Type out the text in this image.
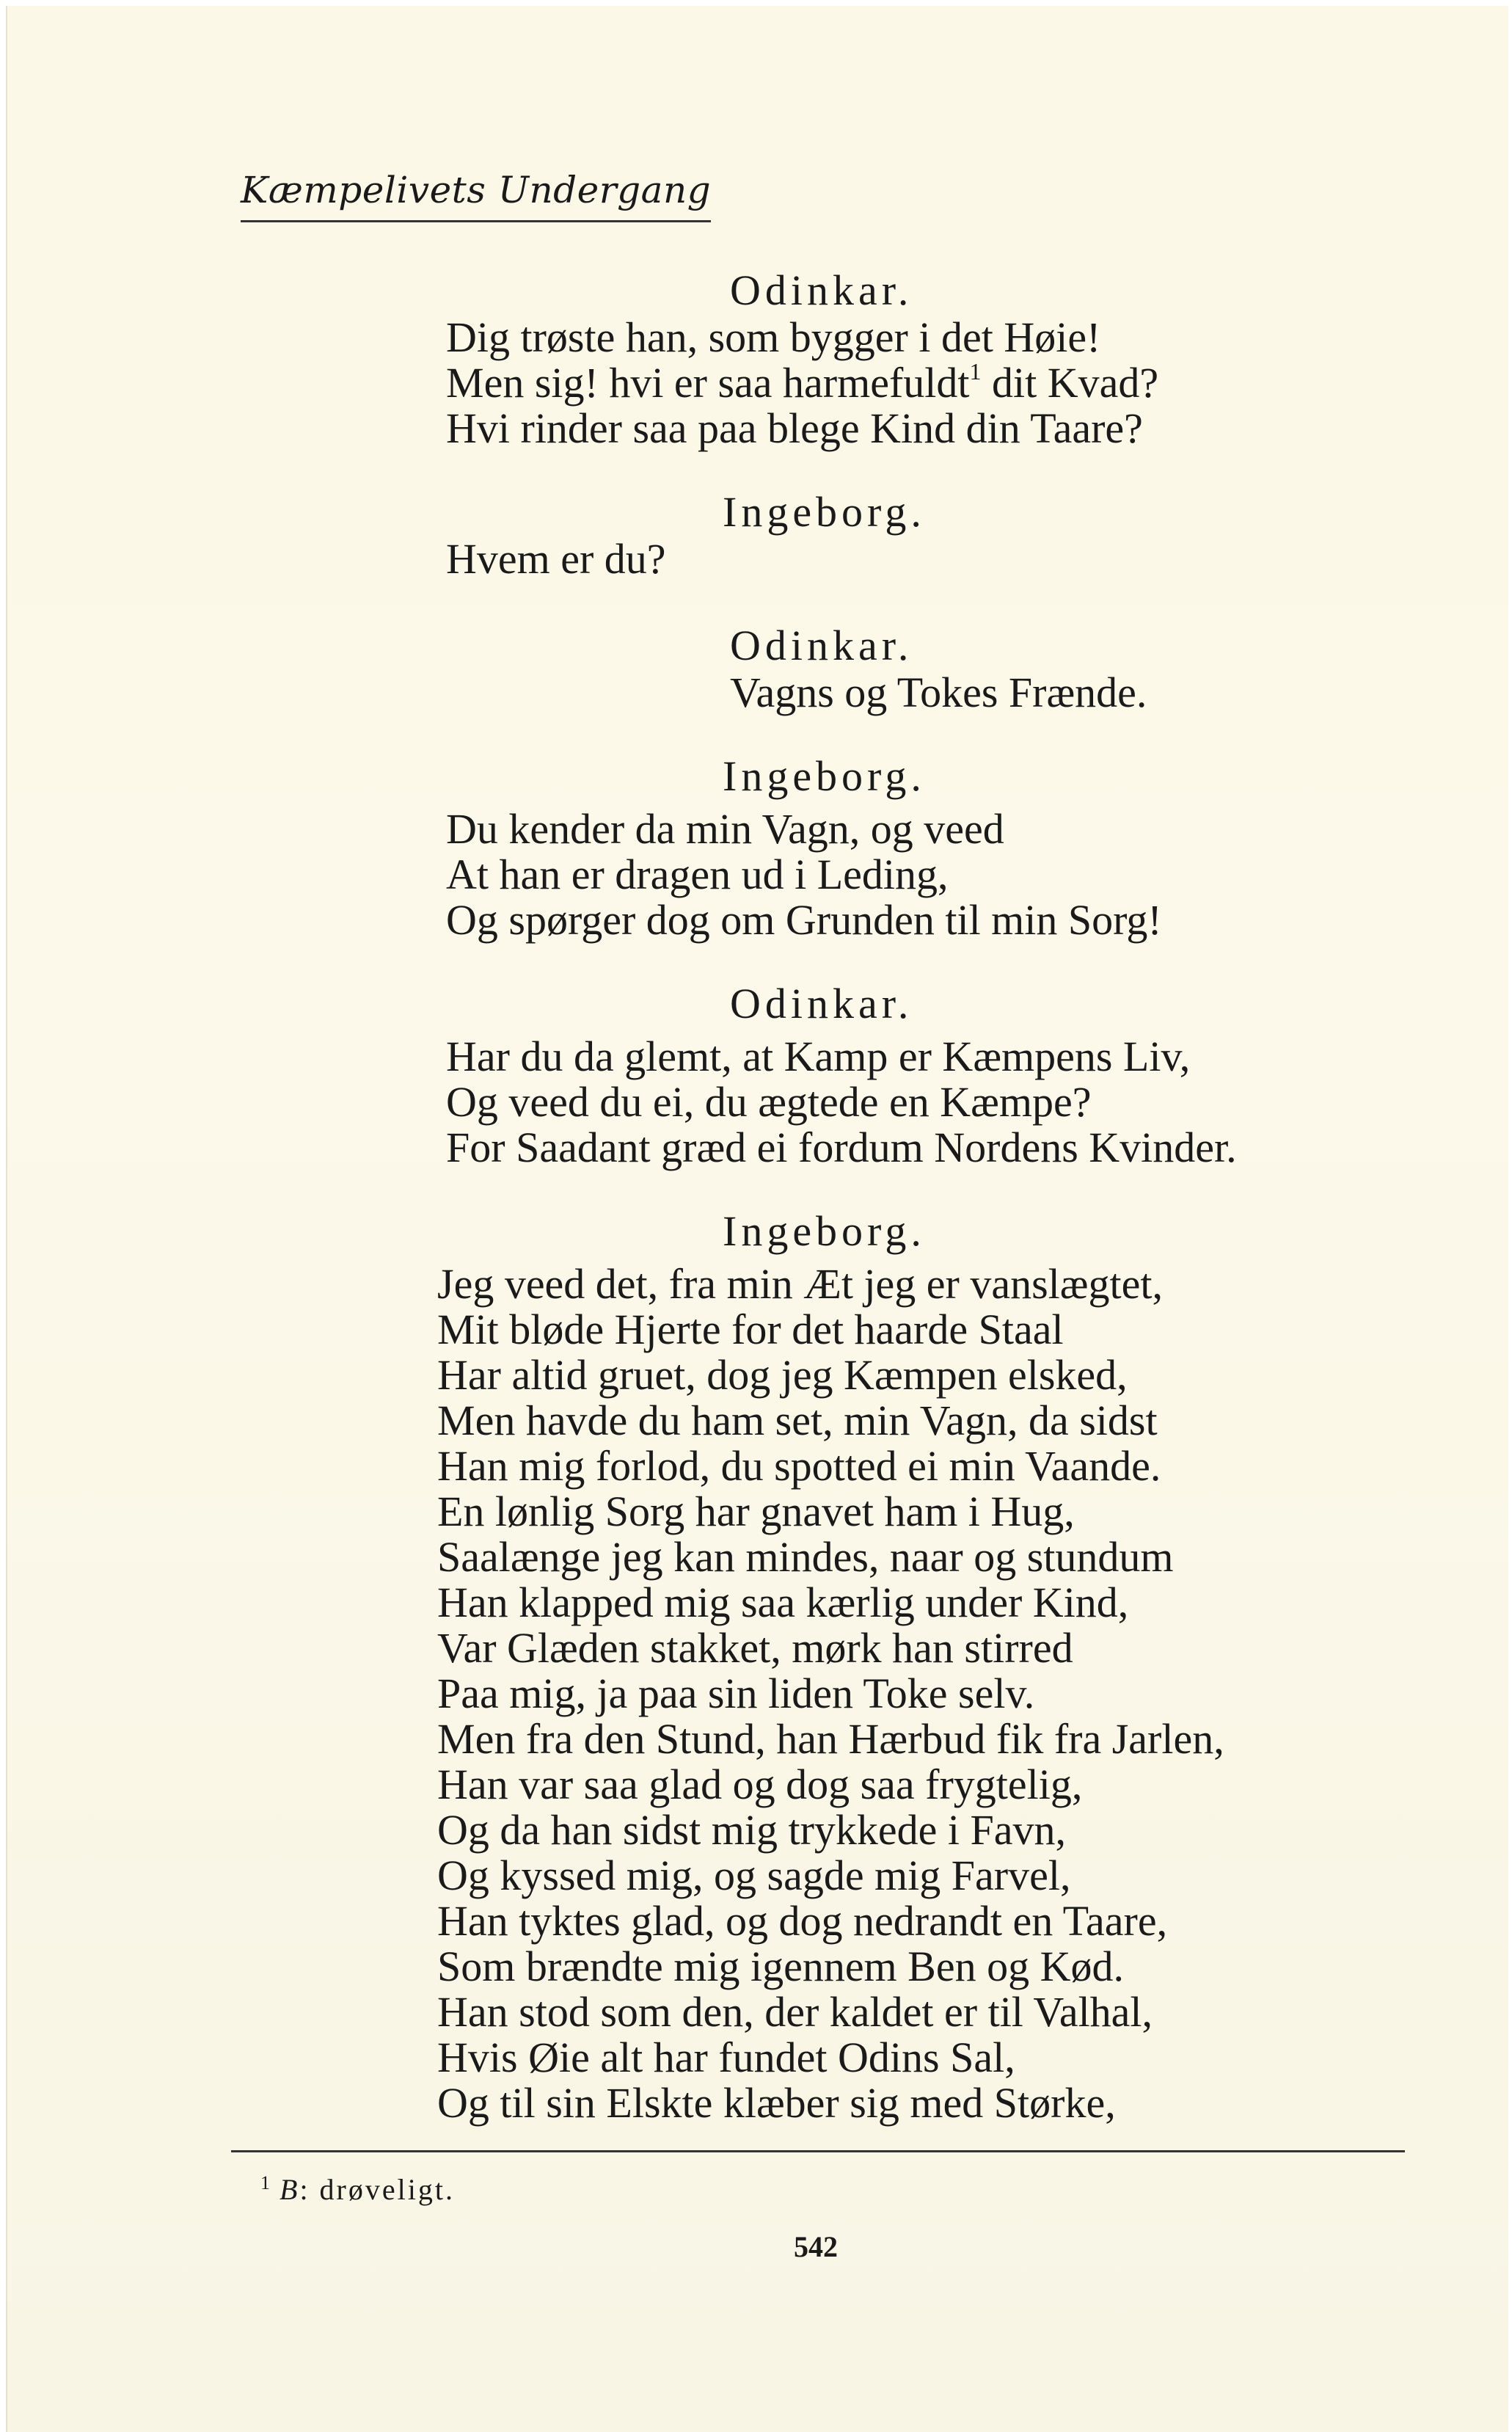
Kæmpelivets Undergang
Odinkar.
Dig trøste han, som bygger i det Høie!
Men sig! hvi er saa harmefuldt$^1$ dit Kvad?
Hvi rinder saa paa blege Kind din Taare?
Ingeborg.
Hvem er du?
Odinkar.
Vagns og Tokes Frænde.
Ingeborg.
Du kender da min Vagn, og veed
At han er dragen ud i Leding,
Og spørger dog om Grunden til min Sorg!
Odinkar.
Har du da glemt, at Kamp er Kæmpens Liv,
Og veed du ei, du ægtede en Kæmpe?
For Saadant græd ei fordum Nordens Kvinder.
Ingeborg.
Jeg veed det, fra min Æt jeg er vanslægtet,
Mit bløde Hjerte for det haarde Staal
Har altid gruet, dog jeg Kæmpen elsked,
Men havde du ham set, min Vagn, da sidst
Han mig forlod, du spotted ei min Vaande.
En lønlig Sorg har gnavet ham i Hug,
Saalænge jeg kan mindes, naar og stundum
Han klapped mig saa kærlig under Kind,
Var Glæden stakket, mørk han stirred
Paa mig, ja paa sin liden Toke selv.
Men fra den Stund, han Hærbud fik fra Jarlen,
Han var saa glad og dog saa frygtelig,
Og da han sidst mig trykkede i Favn,
Og kyssed mig, og sagde mig Farvel,
Han tyktes glad, og dog nedrandt en Taare,
Som brændte mig igennem Ben og Kød.
Han stod som den, der kaldet er til Valhal,
Hvis Øie alt har fundet Odins Sal,
Og til sin Elskte klæber sig med Størke,
$^1$ B: drøveligt.
542
